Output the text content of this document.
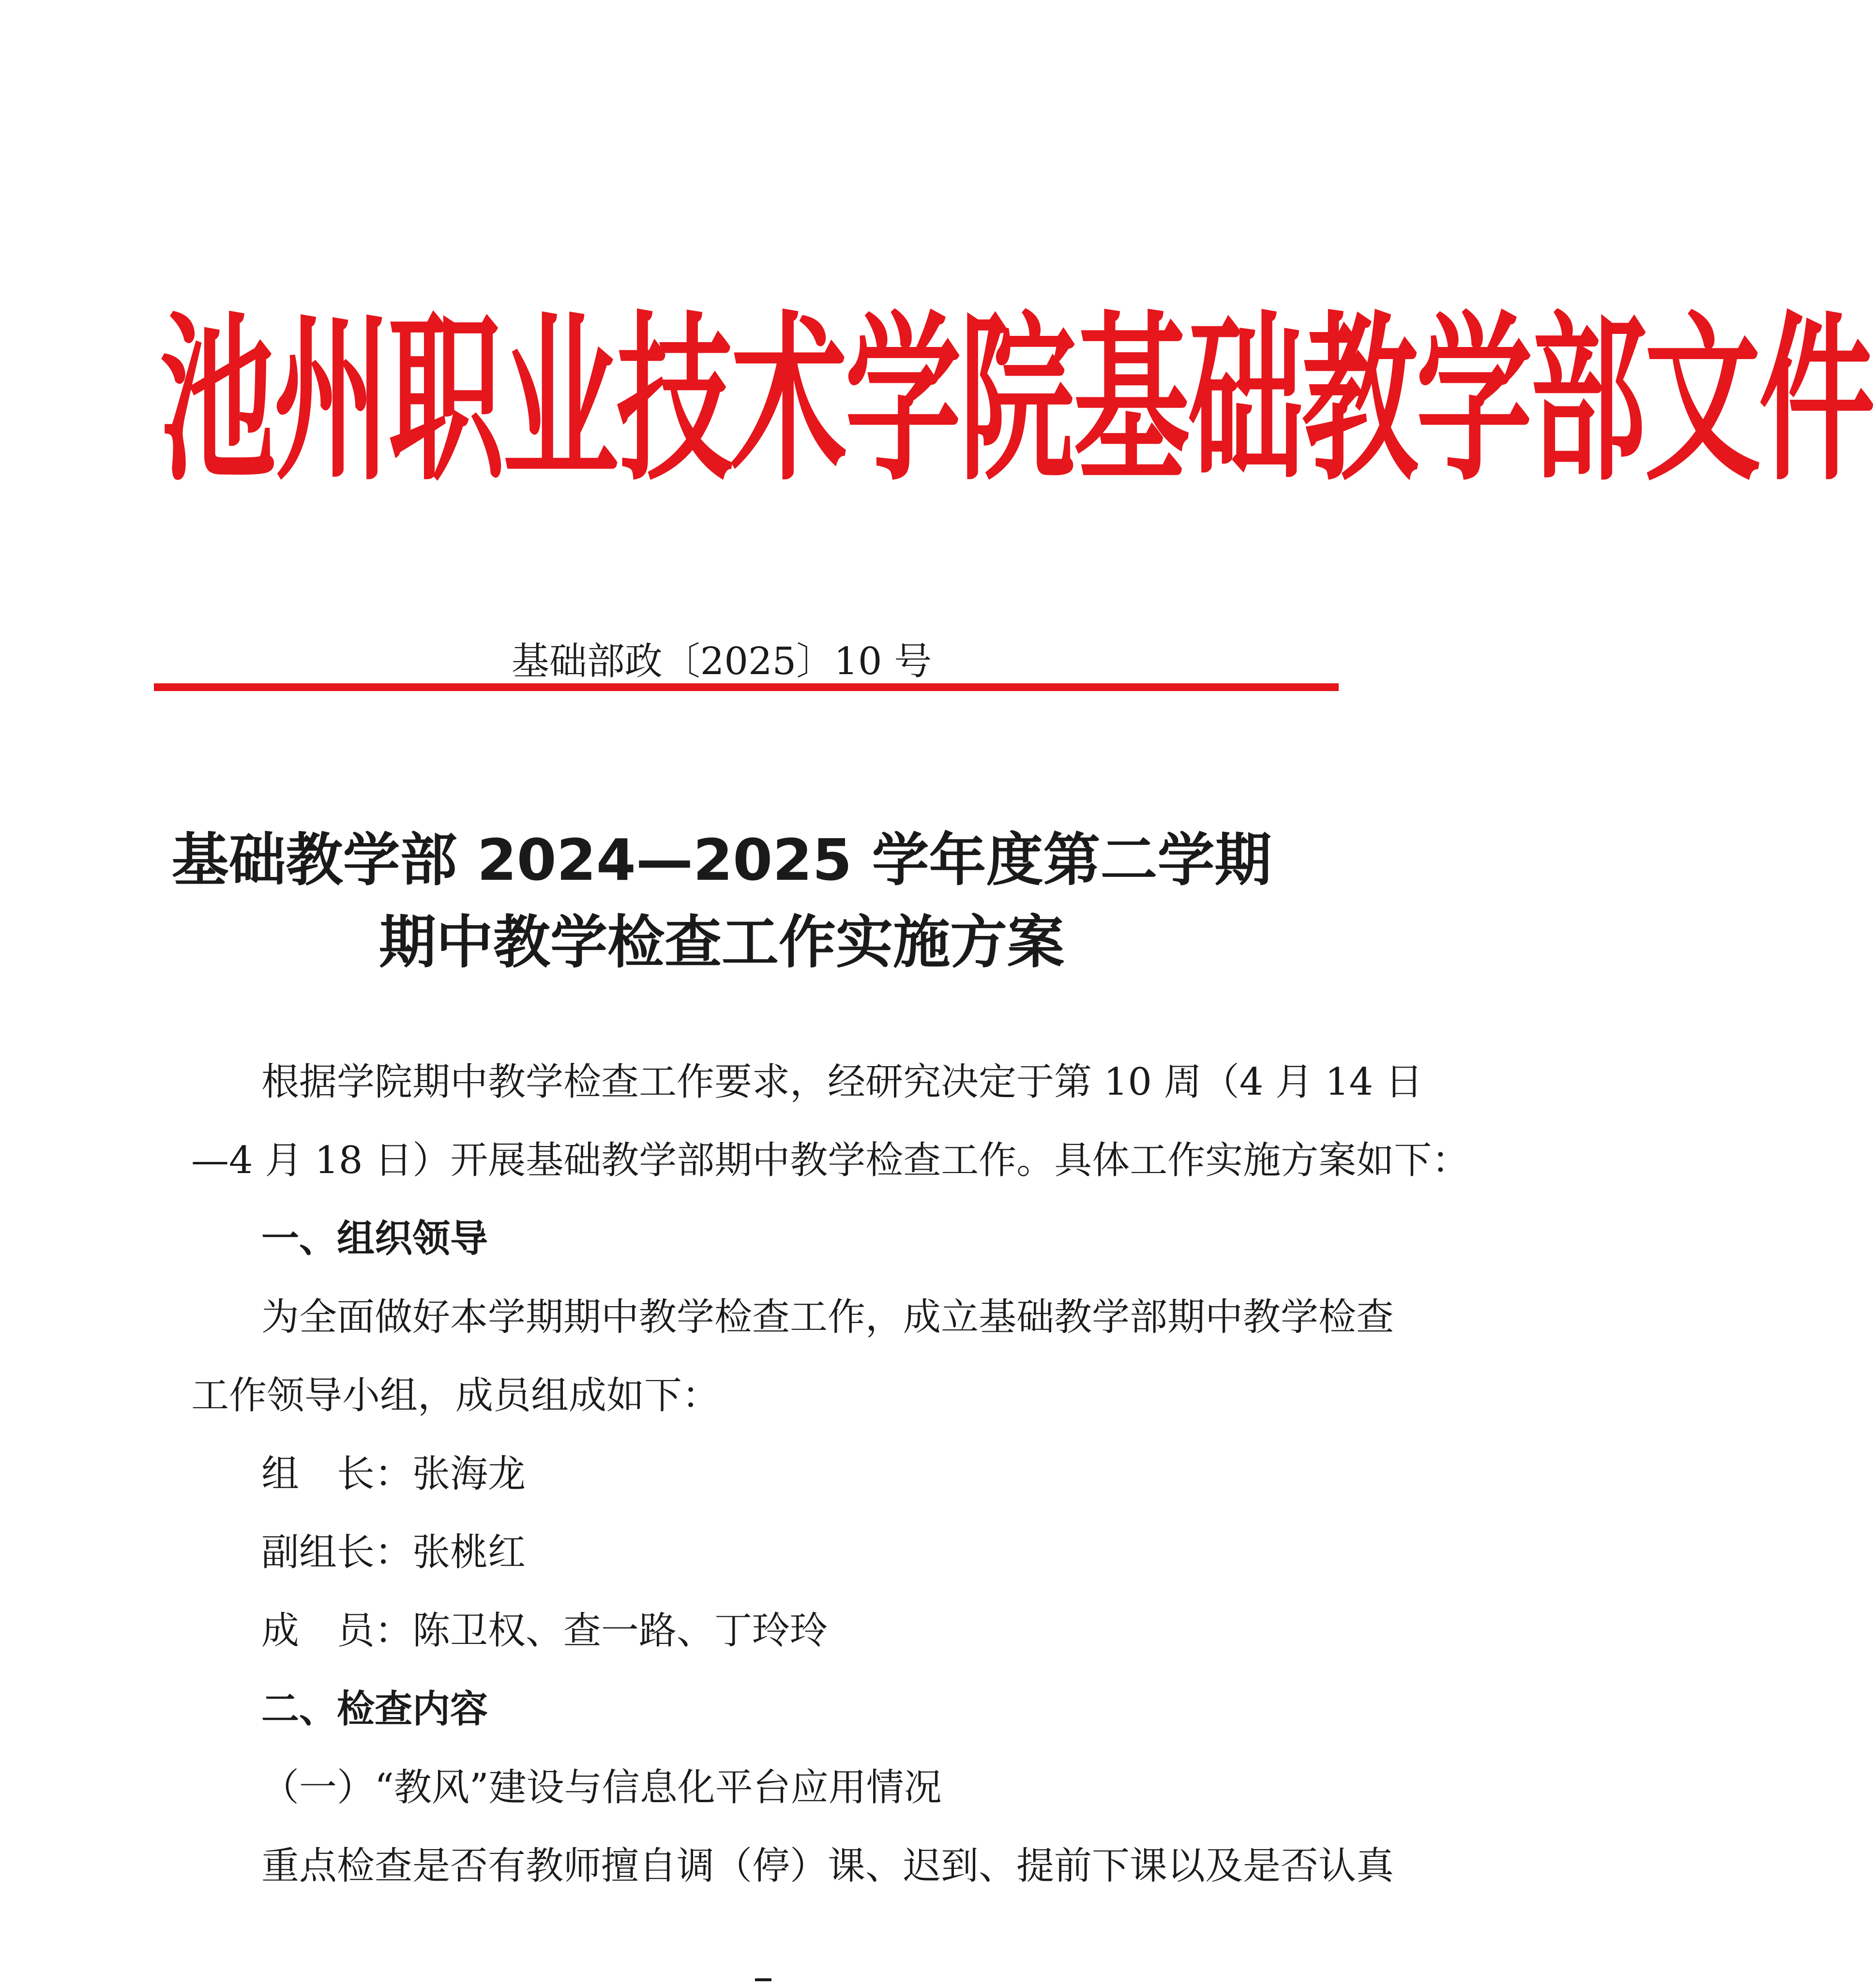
池州职业技术学院基础教学部文件
基础部政〔2025〕10 号
基础教学部 2024—2025 学年度第二学期
期中教学检查工作实施方案
根据学院期中教学检查工作要求，经研究决定于第 10 周（4 月 14 日
—4 月 18 日）开展基础教学部期中教学检查工作。具体工作实施方案如下：
一、组织领导
为全面做好本学期期中教学检查工作，成立基础教学部期中教学检查
工作领导小组，成员组成如下：
组　长：张海龙
副组长：张桃红
成　员：陈卫权、查一路、丁玲玲
二、检查内容
（一）“教风”建设与信息化平台应用情况
重点检查是否有教师擅自调（停）课、迟到、提前下课以及是否认真
